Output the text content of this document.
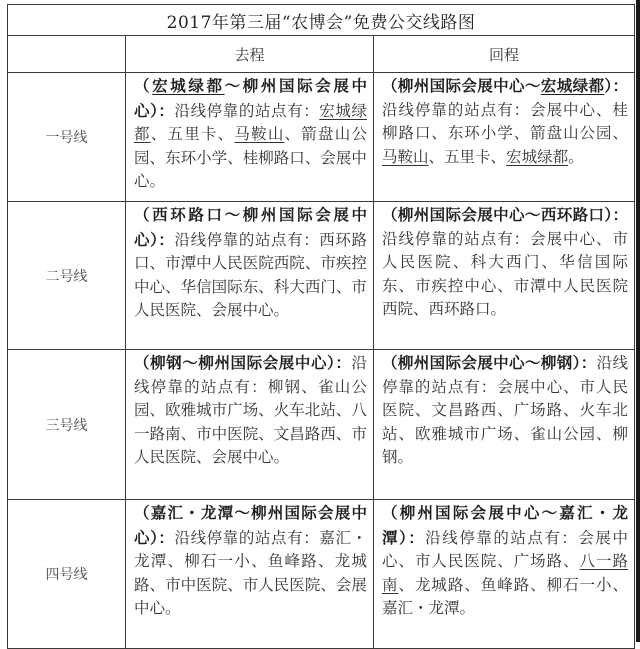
2017年第三届“农博会”免费公交线路图		
	去程	回程
一号线	（宏城绿都～柳州国际会展中心）：沿线停靠的站点有：宏城绿都、五里卡、马鞍山、箭盘山公园、东环小学、桂柳路口、会展中心。	（柳州国际会展中心～宏城绿都）：沿线停靠的站点有：会展中心、桂柳路口、东环小学、箭盘山公园、马鞍山、五里卡、宏城绿都。
二号线	（西环路口～柳州国际会展中心）：沿线停靠的站点有：西环路口、市潭中人民医院西院、市疾控中心、华信国际东、科大西门、市人民医院、会展中心。	（柳州国际会展中心～西环路口）：沿线停靠的站点有：会展中心、市人民医院、科大西门、华信国际东、市疾控中心、市潭中人民医院西院、西环路口。
三号线	（柳钢～柳州国际会展中心）：沿线停靠的站点有：柳钢、雀山公园、欧雅城市广场、火车北站、八一路南、市中医院、文昌路西、市人民医院、会展中心。	（柳州国际会展中心～柳钢）：沿线停靠的站点有：会展中心、市人民医院、文昌路西、广场路、火车北站、欧雅城市广场、雀山公园、柳钢。
四号线	（嘉汇・龙潭～柳州国际会展中心）：沿线停靠的站点有：嘉汇・龙潭、柳石一小、鱼峰路、龙城路、市中医院、市人民医院、会展中心。	（柳州国际会展中心～嘉汇・龙潭）：沿线停靠的站点有：会展中心、市人民医院、广场路、八一路南、龙城路、鱼峰路、柳石一小、嘉汇・龙潭。
